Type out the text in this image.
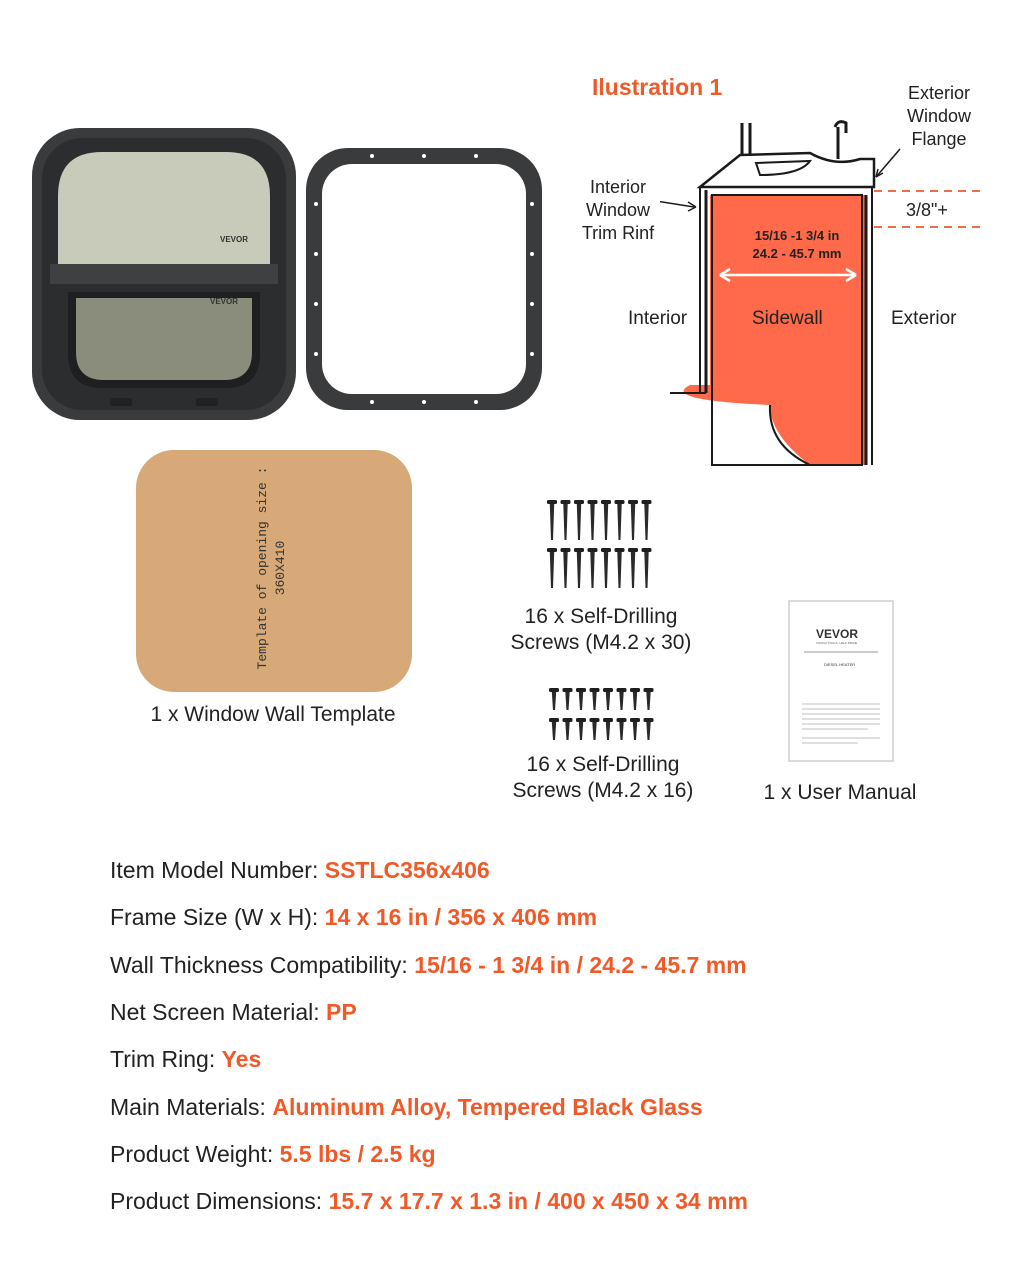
VEVOR
VEVOR
Ilustration 1	Exterior
Window
Flange
Interior
Window
Trim Rinf
3/8"+
15/16 -1 3/4 in
24.2 - 45.7 mm
Interior	Sidewall	Exterior
Template of opening size : 360X410
1 x Window Wall Template
16 x Self-Drilling
Screws (M4.2 x 30)
16 x Self-Drilling
Screws (M4.2 x 16)
VEVOR
TOUGH TOOLS, HALF PRICE
DIESEL HEATER
1 x User Manual
Item Model Number: SSTLC356x406
Frame Size (W x H): 14 x 16 in / 356 x 406 mm
Wall Thickness Compatibility: 15/16 - 1 3/4 in / 24.2 - 45.7 mm
Net Screen Material: PP
Trim Ring: Yes
Main Materials: Aluminum Alloy, Tempered Black Glass
Product Weight: 5.5 lbs / 2.5 kg
Product Dimensions: 15.7 x 17.7 x 1.3 in / 400 x 450 x 34 mm
